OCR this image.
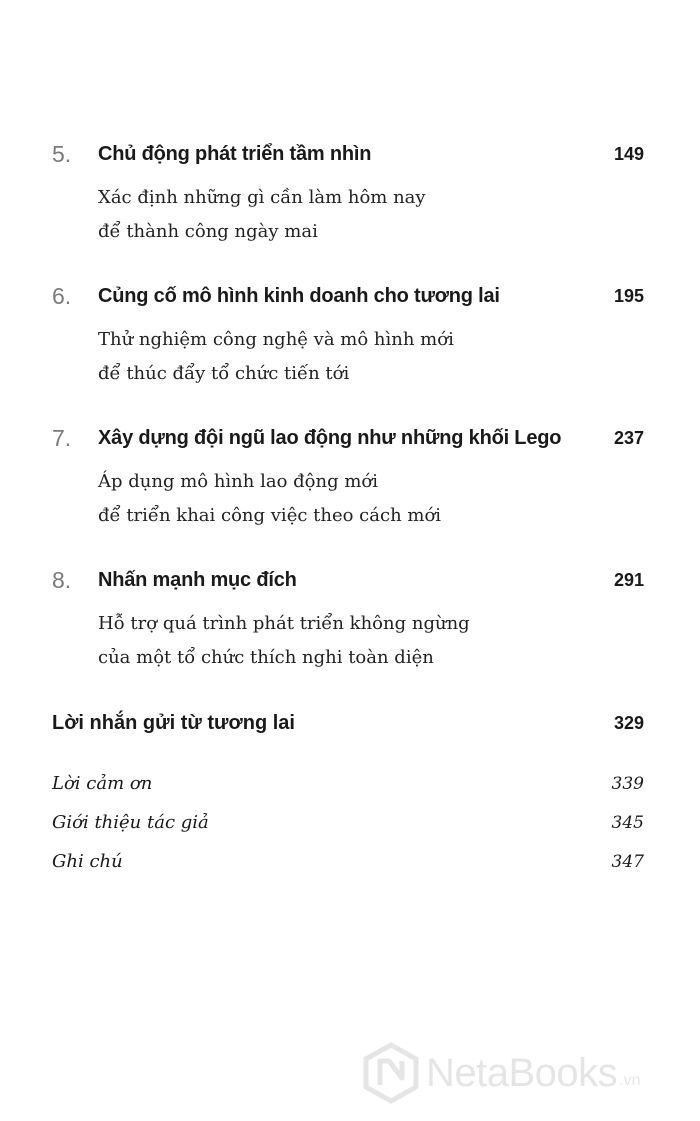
5. Chủ động phát triển tầm nhìn	149
Xác định những gì cần làm hôm nay
để thành công ngày mai
6. Củng cố mô hình kinh doanh cho tương lai	195
Thử nghiệm công nghệ và mô hình mới
để thúc đẩy tổ chức tiến tới
7. Xây dựng đội ngũ lao động như những khối Lego	237
Áp dụng mô hình lao động mới
để triển khai công việc theo cách mới
8. Nhấn mạnh mục đích	291
Hỗ trợ quá trình phát triển không ngừng
của một tổ chức thích nghi toàn diện
Lời nhắn gửi từ tương lai	329
Lời cảm ơn	339
Giới thiệu tác giả	345
Ghi chú	347
NetaBooks .vn
